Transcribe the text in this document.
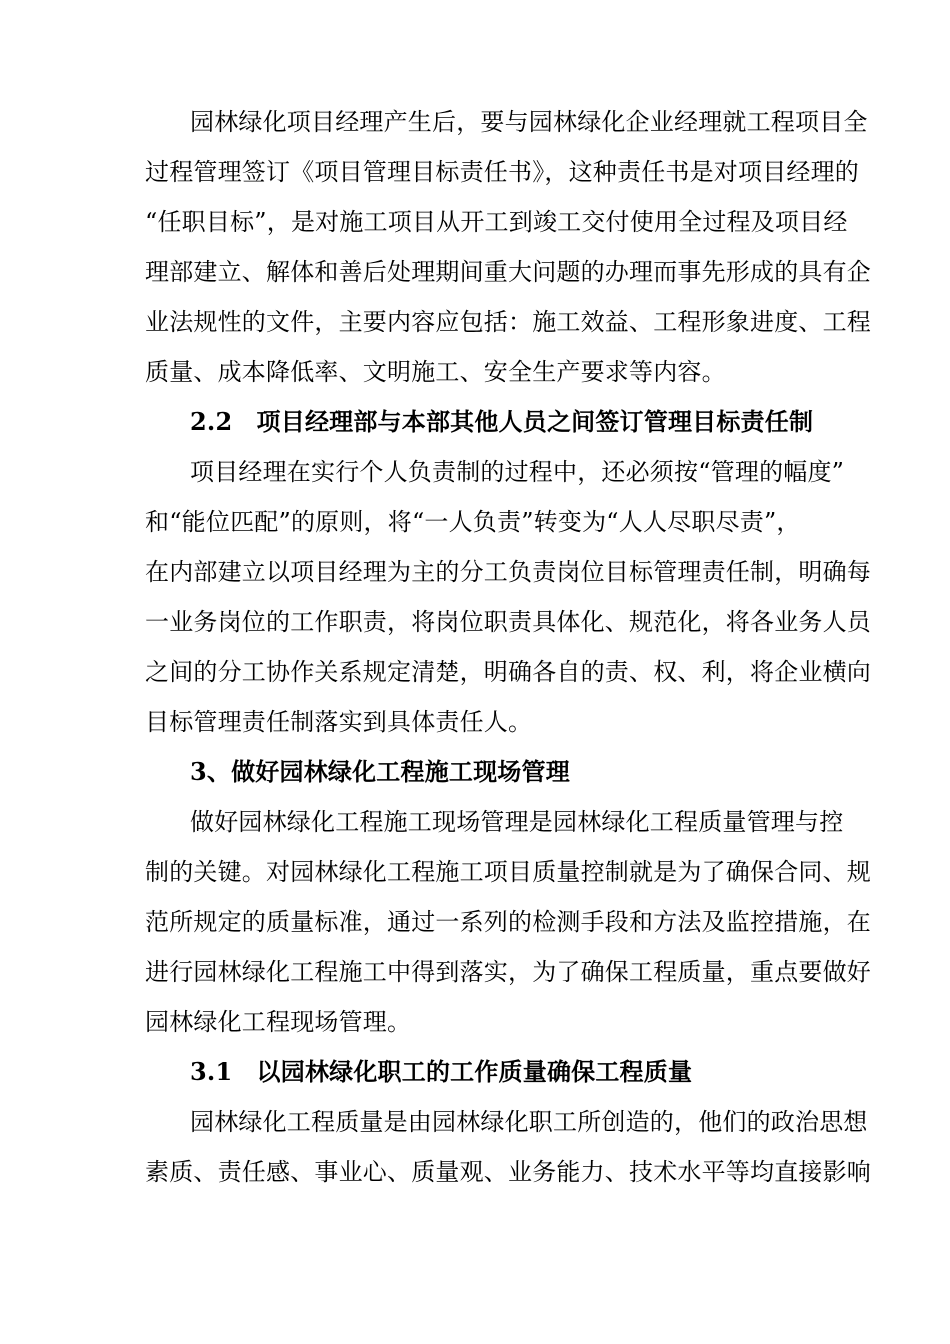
园林绿化项目经理产生后，要与园林绿化企业经理就工程项目全
过程管理签订《项目管理目标责任书》，这种责任书是对项目经理的
“任职目标”，是对施工项目从开工到竣工交付使用全过程及项目经
理部建立、解体和善后处理期间重大问题的办理而事先形成的具有企
业法规性的文件，主要内容应包括：施工效益、工程形象进度、工程
质量、成本降低率、文明施工、安全生产要求等内容。
2.2　项目经理部与本部其他人员之间签订管理目标责任制
项目经理在实行个人负责制的过程中，还必须按“管理的幅度”
和“能位匹配”的原则，将“一人负责”转变为“人人尽职尽责”，
在内部建立以项目经理为主的分工负责岗位目标管理责任制，明确每
一业务岗位的工作职责，将岗位职责具体化、规范化，将各业务人员
之间的分工协作关系规定清楚，明确各自的责、权、利，将企业横向
目标管理责任制落实到具体责任人。
3、做好园林绿化工程施工现场管理
做好园林绿化工程施工现场管理是园林绿化工程质量管理与控
制的关键。对园林绿化工程施工项目质量控制就是为了确保合同、规
范所规定的质量标准，通过一系列的检测手段和方法及监控措施，在
进行园林绿化工程施工中得到落实，为了确保工程质量，重点要做好
园林绿化工程现场管理。
3.1　以园林绿化职工的工作质量确保工程质量
园林绿化工程质量是由园林绿化职工所创造的，他们的政治思想
素质、责任感、事业心、质量观、业务能力、技术水平等均直接影响
